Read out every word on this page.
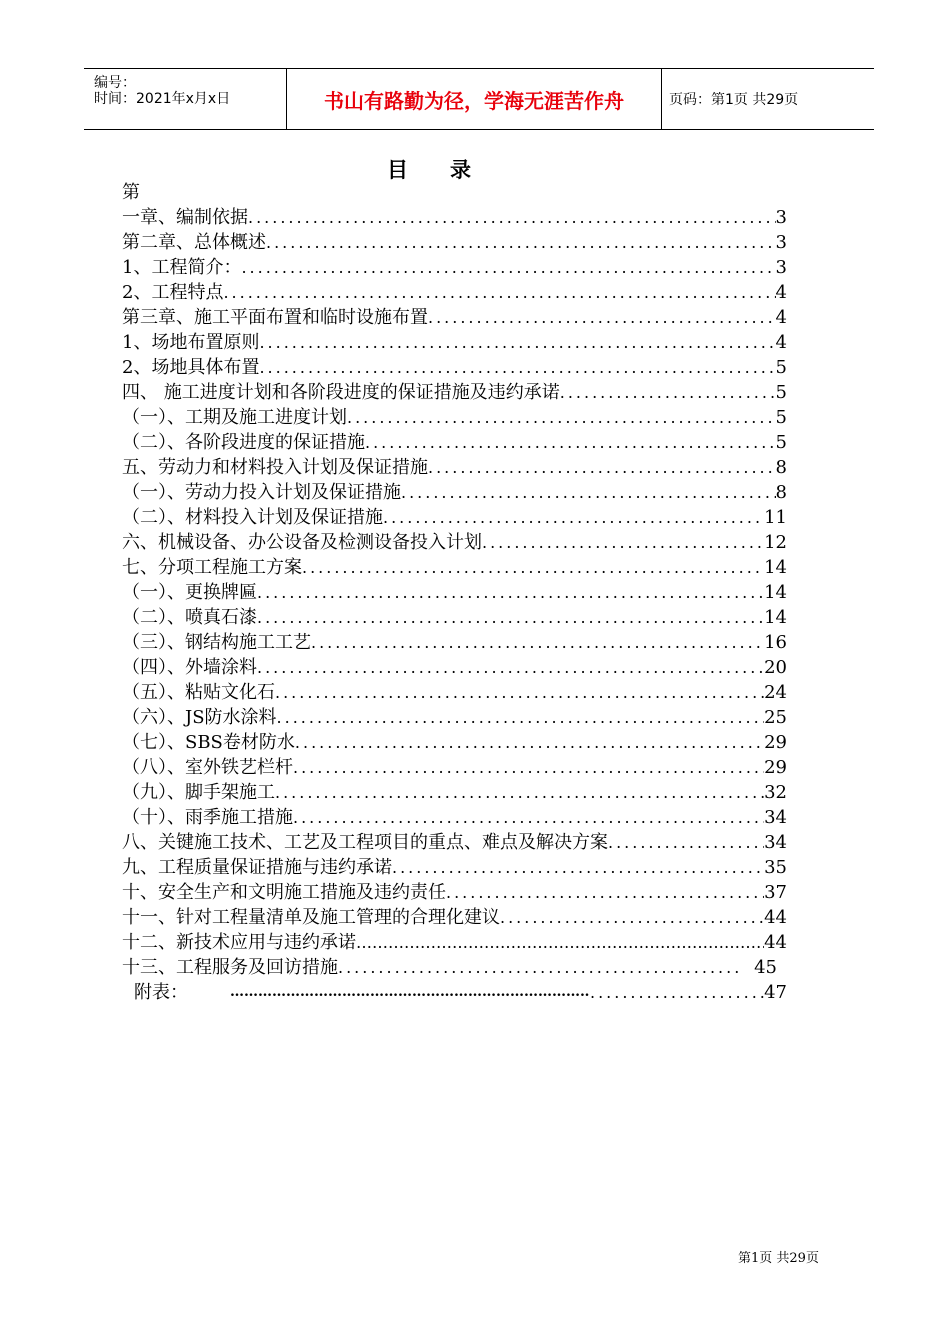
编号：
时间：2021年x月x日	书山有路勤为径，学海无涯苦作舟	页码：第1页 共29页
目 录
第
一章、编制依据 .....	3
第二章、总体概述 .....	3
1、工程简介： .....	3
2、工程特点 .....	4
第三章、施工平面布置和临时设施布置 .....	4
1、场地布置原则 .....	4
2、场地具体布置 .....	5
四、 施工进度计划和各阶段进度的保证措施及违约承诺 .....	5
（一）、工期及施工进度计划 .....	5
（二）、各阶段进度的保证措施 .....	5
五、劳动力和材料投入计划及保证措施 .....	8
（一）、劳动力投入计划及保证措施 .....	8
（二）、材料投入计划及保证措施 .....	11
六、机械设备、办公设备及检测设备投入计划 .....	12
七、分项工程施工方案 .....	14
（一）、更换牌匾 .....	14
（二）、喷真石漆 .....	14
（三）、钢结构施工工艺 .....	16
（四）、外墙涂料 .....	20
（五）、粘贴文化石 .....	24
（六）、JS防水涂料 .....	25
（七）、SBS卷材防水 .....	29
（八）、室外铁艺栏杆 .....	29
（九）、脚手架施工 .....	32
（十）、雨季施工措施 .....	34
八、关键施工技术、工艺及工程项目的重点、难点及解决方案 .....	34
九、工程质量保证措施与违约承诺 .....	35
十、安全生产和文明施工措施及违约责任 .....	37
十一、针对工程量清单及施工管理的合理化建议 .....	44
十二、新技术应用与违约承诺 …………………………………………………………………………………………………………	44
十三、工程服务及回访措施 .....	45
附表： …………………………………………………………………………………………… .....	47
第1页 共29页
